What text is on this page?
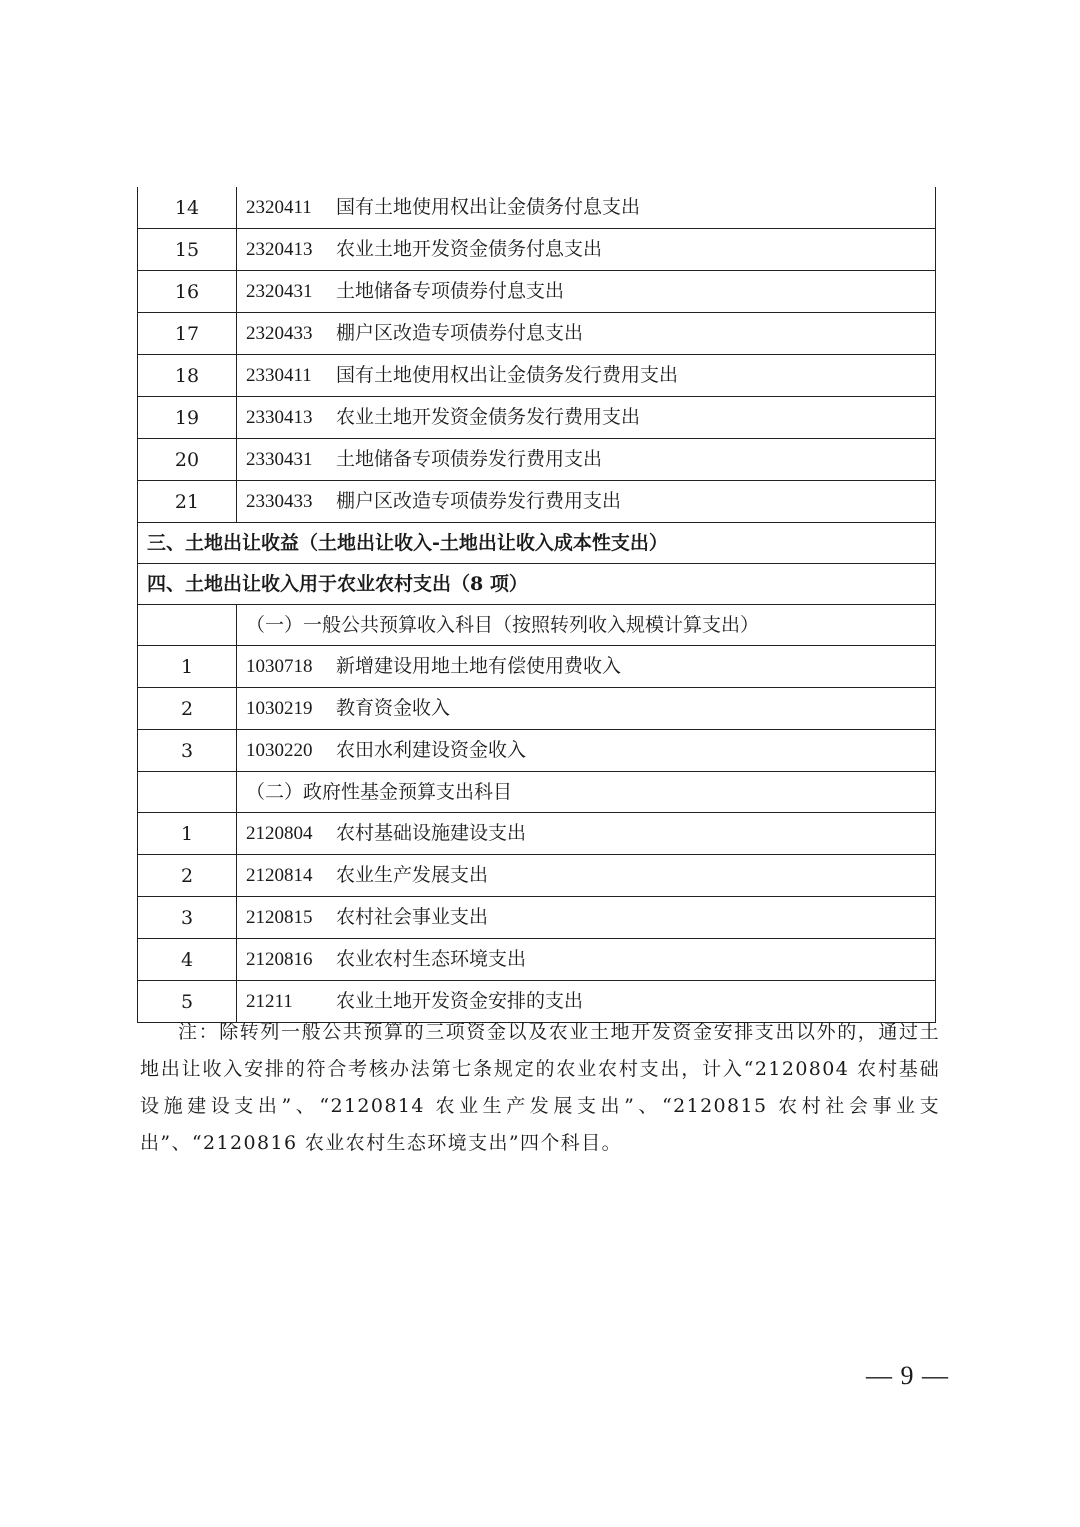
14	2320411 国有土地使用权出让金债务付息支出
15	2320413 农业土地开发资金债务付息支出
16	2320431 土地储备专项债券付息支出
17	2320433 棚户区改造专项债券付息支出
18	2330411 国有土地使用权出让金债务发行费用支出
19	2330413 农业土地开发资金债务发行费用支出
20	2330431 土地储备专项债券发行费用支出
21	2330433 棚户区改造专项债券发行费用支出
三、土地出让收益（土地出让收入-土地出让收入成本性支出）	
四、土地出让收入用于农业农村支出（8 项）	
	（一）一般公共预算收入科目（按照转列收入规模计算支出）
1	1030718 新增建设用地土地有偿使用费收入
2	1030219 教育资金收入
3	1030220 农田水利建设资金收入
	（二）政府性基金预算支出科目
1	2120804 农村基础设施建设支出
2	2120814 农业生产发展支出
3	2120815 农村社会事业支出
4	2120816 农业农村生态环境支出
5	21211 农业土地开发资金安排的支出

注：除转列一般公共预算的三项资金以及农业土地开发资金安排支出以外的，通过土地出让收入安排的符合考核办法第七条规定的农业农村支出，计入“2120804 农村基础设施建设支出”、“2120814 农业生产发展支出”、“2120815 农村社会事业支出”、“2120816 农业农村生态环境支出”四个科目。

— 9 —
